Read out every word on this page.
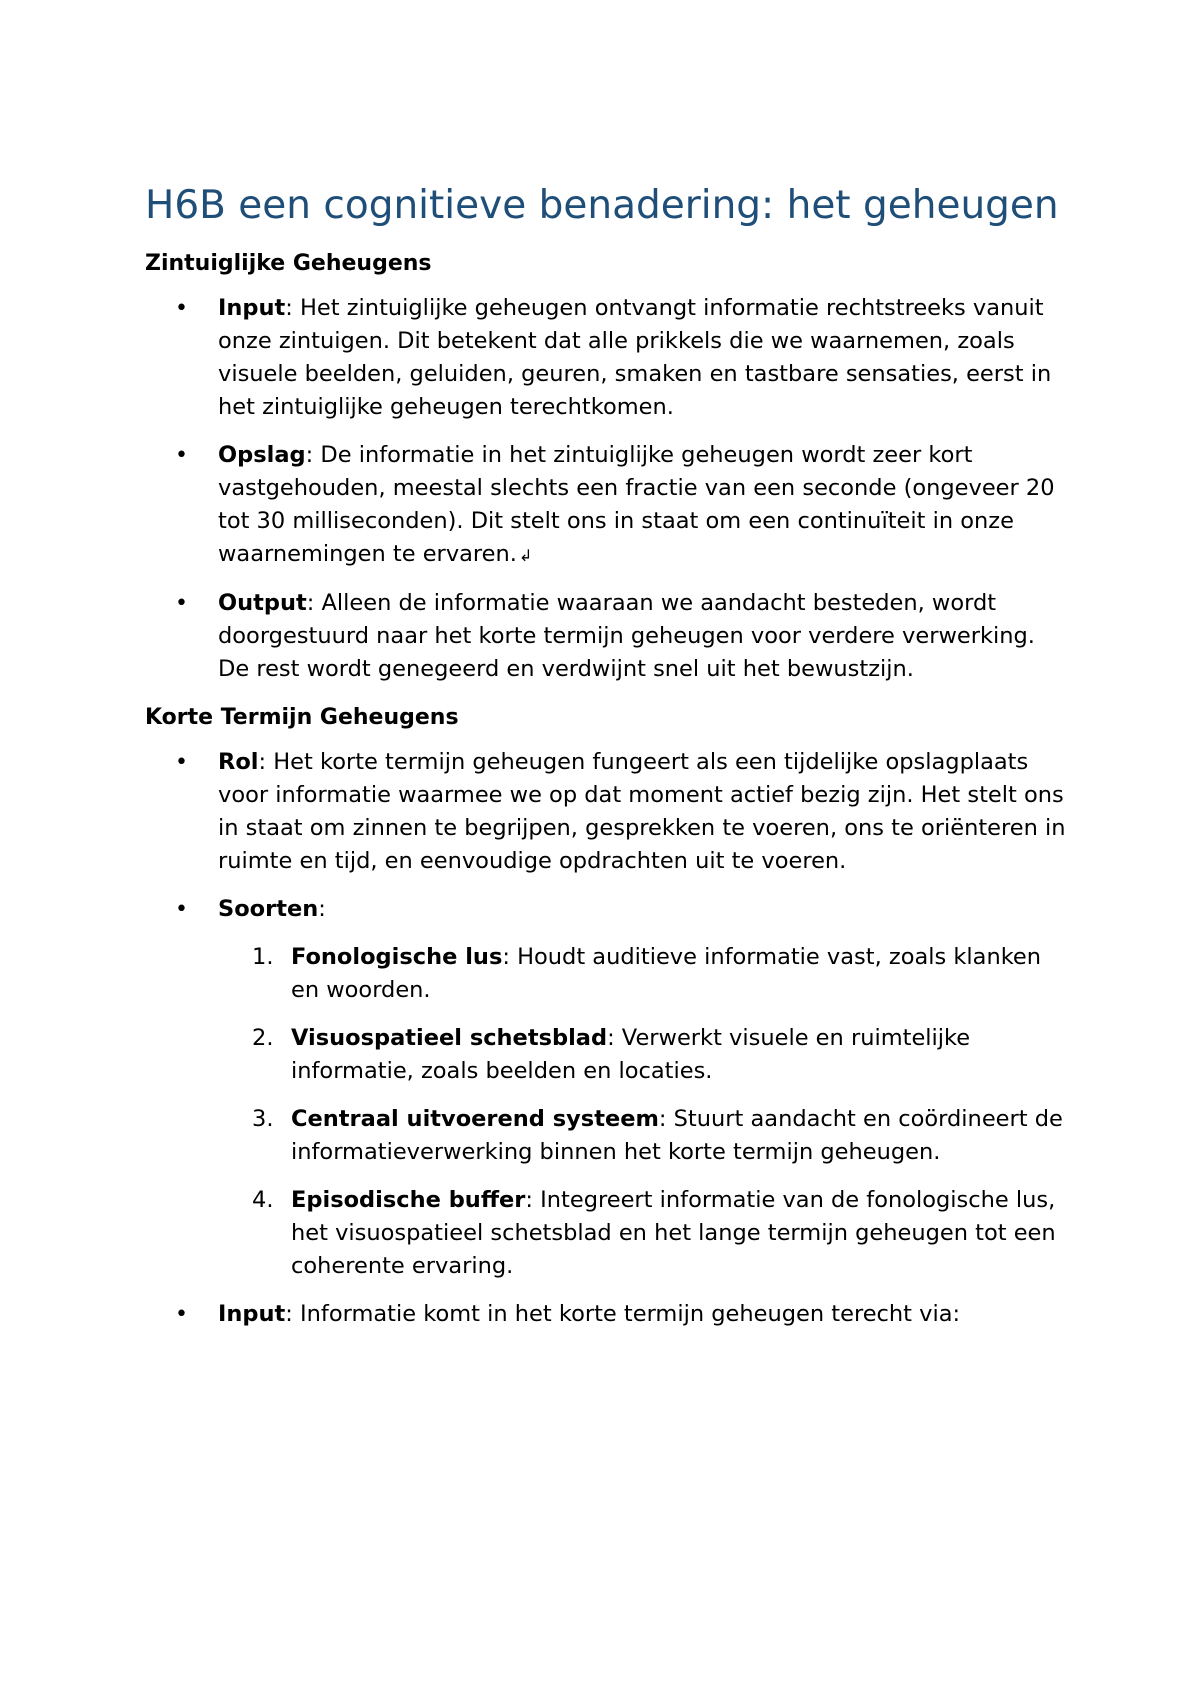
H6B een cognitieve benadering: het geheugen
Zintuiglijke Geheugens
• Input: Het zintuiglijke geheugen ontvangt informatie rechtstreeks vanuit onze zintuigen. Dit betekent dat alle prikkels die we waarnemen, zoals visuele beelden, geluiden, geuren, smaken en tastbare sensaties, eerst in het zintuiglijke geheugen terechtkomen.
• Opslag: De informatie in het zintuiglijke geheugen wordt zeer kort vastgehouden, meestal slechts een fractie van een seconde (ongeveer 20 tot 30 milliseconden). Dit stelt ons in staat om een continuïteit in onze waarnemingen te ervaren. ↲
• Output: Alleen de informatie waaraan we aandacht besteden, wordt doorgestuurd naar het korte termijn geheugen voor verdere verwerking. De rest wordt genegeerd en verdwijnt snel uit het bewustzijn.
Korte Termijn Geheugens
• Rol: Het korte termijn geheugen fungeert als een tijdelijke opslagplaats voor informatie waarmee we op dat moment actief bezig zijn. Het stelt ons in staat om zinnen te begrijpen, gesprekken te voeren, ons te oriënteren in ruimte en tijd, en eenvoudige opdrachten uit te voeren.
• Soorten:
1. Fonologische lus: Houdt auditieve informatie vast, zoals klanken en woorden.
2. Visuospatieel schetsblad: Verwerkt visuele en ruimtelijke informatie, zoals beelden en locaties.
3. Centraal uitvoerend systeem: Stuurt aandacht en coördineert de informatieverwerking binnen het korte termijn geheugen.
4. Episodische buffer: Integreert informatie van de fonologische lus, het visuospatieel schetsblad en het lange termijn geheugen tot een coherente ervaring.
• Input: Informatie komt in het korte termijn geheugen terecht via:
